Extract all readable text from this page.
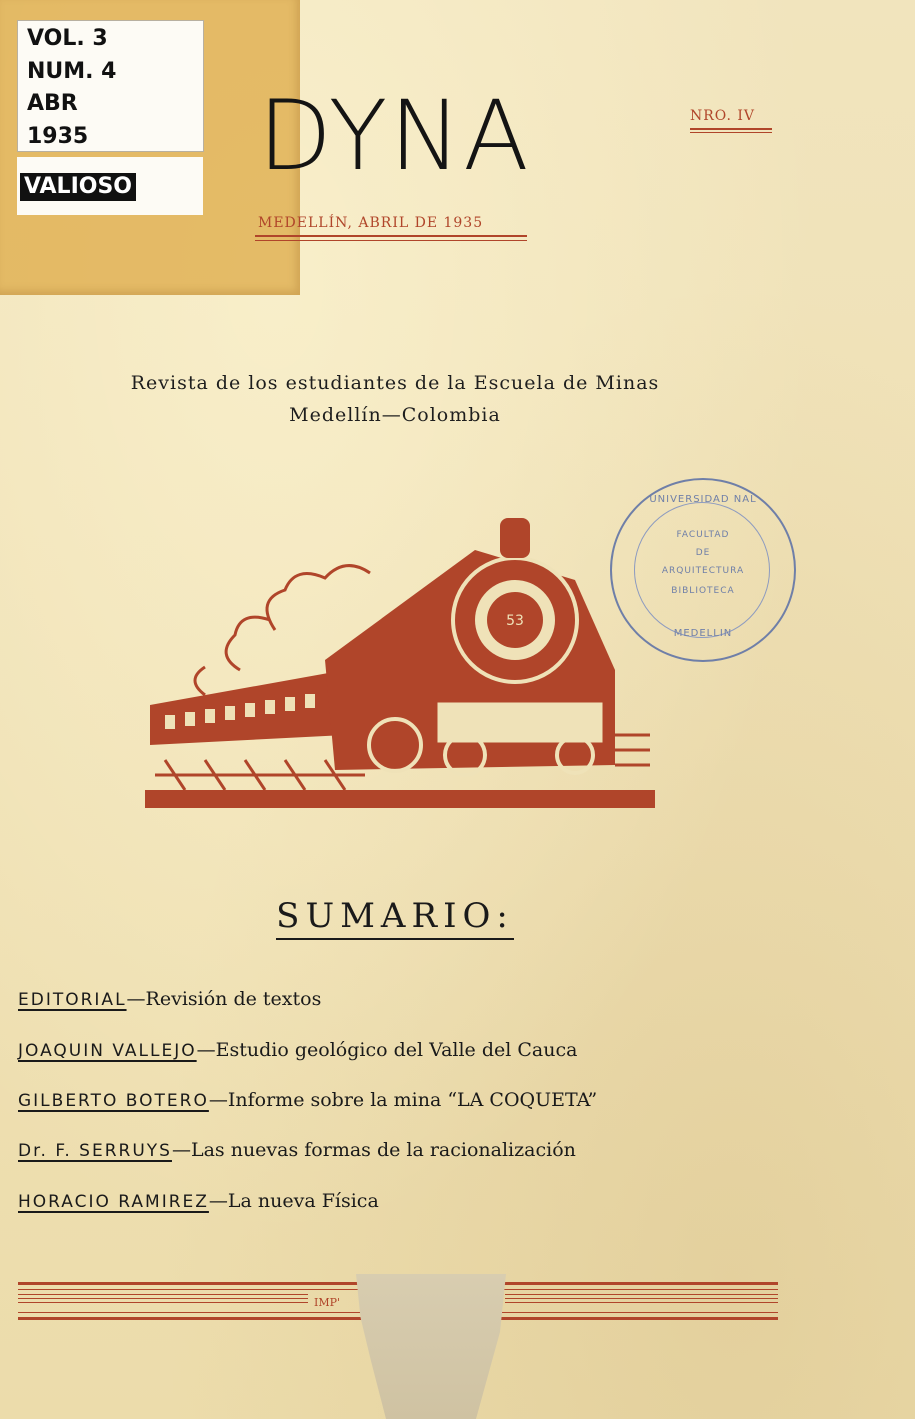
VOL. 3
NUM. 4
ABR
1935
VALIOSO DYNA	NRO. IV
MEDELLÍN, ABRIL DE 1935
Revista de los estudiantes de la Escuela de Minas
Medellín—Colombia
UNIVERSIDAD NAL
FACULTAD
DE
ARQUITECTURA
BIBLIOTECA
MEDELLIN
53
SUMARIO:
EDITORIAL—Revisión de textos
JOAQUIN VALLEJO—Estudio geológico del Valle del Cauca
GILBERTO BOTERO—Informe sobre la mina “LA COQUETA”
Dr. F. SERRUYS—Las nuevas formas de la racionalización
HORACIO RAMIREZ—La nueva Física
IMP'
